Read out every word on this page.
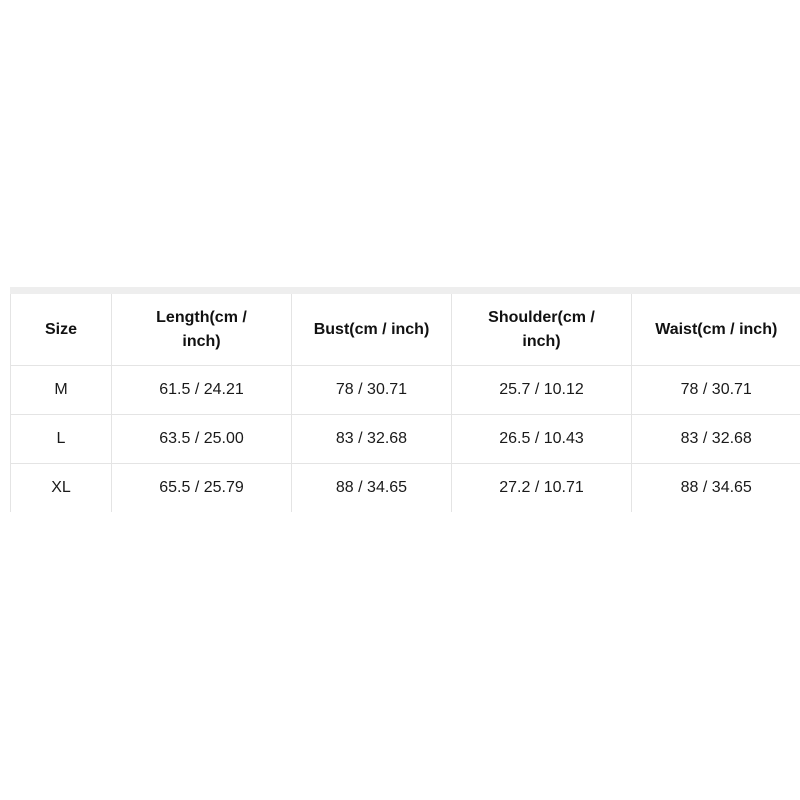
Size	Length(cm / inch)	Bust(cm / inch)	Shoulder(cm / inch)	Waist(cm / inch)
M	61.5 / 24.21	78 / 30.71	25.7 / 10.12	78 / 30.71
L	63.5 / 25.00	83 / 32.68	26.5 / 10.43	83 / 32.68
XL	65.5 / 25.79	88 / 34.65	27.2 / 10.71	88 / 34.65
